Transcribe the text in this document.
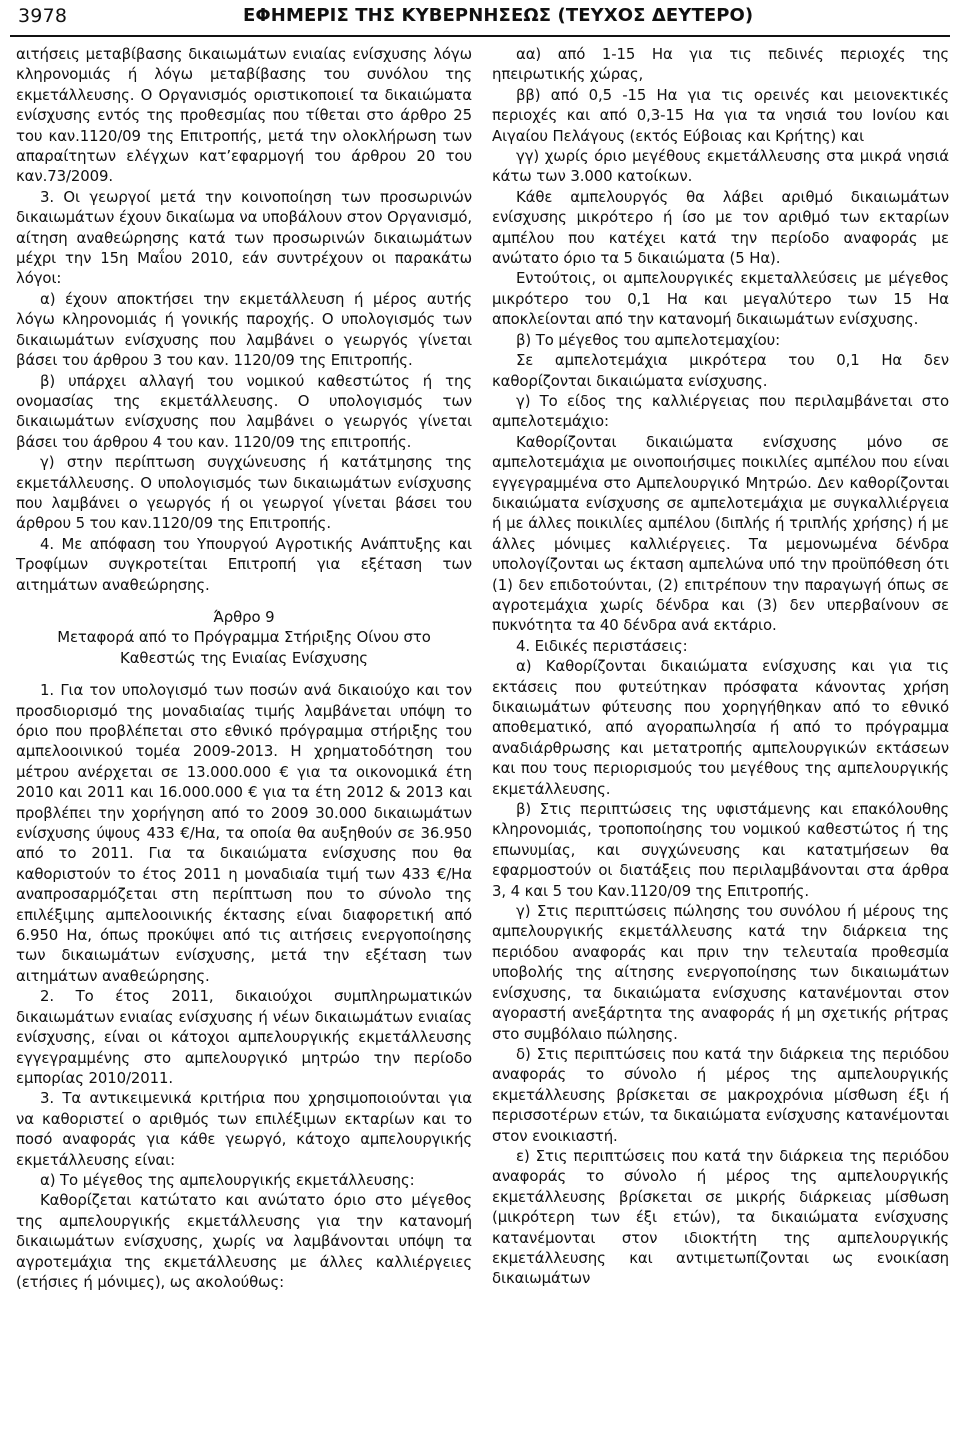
3978	ΕΦΗΜΕΡΙΣ ΤΗΣ ΚΥΒΕΡΝΗΣΕΩΣ (ΤΕΥΧΟΣ ΔΕΥΤΕΡΟ)

αιτήσεις μεταβίβασης δικαιωμάτων ενιαίας ενίσχυσης λόγω κληρονομιάς ή λόγω μεταβίβασης του συνόλου της εκμετάλλευσης. Ο Οργανισμός οριστικοποιεί τα δικαιώματα ενίσχυσης εντός της προθεσμίας που τίθεται στο άρθρο 25 του καν.1120/09 της Επιτροπής, μετά την ολοκλήρωση των απαραίτητων ελέγχων κατ’εφαρμογή του άρθρου 20 του καν.73/2009.

3. Οι γεωργοί μετά την κοινοποίηση των προσωρινών δικαιωμάτων έχουν δικαίωμα να υποβάλουν στον Οργανισμό, αίτηση αναθεώρησης κατά των προσωρινών δικαιωμάτων μέχρι την 15η Μαΐου 2010, εάν συντρέχουν οι παρακάτω λόγοι:

α) έχουν αποκτήσει την εκμετάλλευση ή μέρος αυτής λόγω κληρονομιάς ή γονικής παροχής. Ο υπολογισμός των δικαιωμάτων ενίσχυσης που λαμβάνει ο γεωργός γίνεται βάσει του άρθρου 3 του καν. 1120/09 της Επιτροπής.

β) υπάρχει αλλαγή του νομικού καθεστώτος ή της ονομασίας της εκμετάλλευσης. Ο υπολογισμός των δικαιωμάτων ενίσχυσης που λαμβάνει ο γεωργός γίνεται βάσει του άρθρου 4 του καν. 1120/09 της επιτροπής.

γ) στην περίπτωση συγχώνευσης ή κατάτμησης της εκμετάλλευσης. Ο υπολογισμός των δικαιωμάτων ενίσχυσης που λαμβάνει ο γεωργός ή οι γεωργοί γίνεται βάσει του άρθρου 5 του καν.1120/09 της Επιτροπής.

4. Με απόφαση του Υπουργού Αγροτικής Ανάπτυξης και Τροφίμων συγκροτείται Επιτροπή για εξέταση των αιτημάτων αναθεώρησης.

Άρθρο 9

Μεταφορά από το Πρόγραμμα Στήριξης Οίνου στο

Καθεστώς της Ενιαίας Ενίσχυσης

1. Για τον υπολογισμό των ποσών ανά δικαιούχο και τον προσδιορισμό της μοναδιαίας τιμής λαμβάνεται υπόψη το όριο που προβλέπεται στο εθνικό πρόγραμμα στήριξης του αμπελοοινικού τομέα 2009-2013. Η χρηματοδότηση του μέτρου ανέρχεται σε 13.000.000 € για τα οικονομικά έτη 2010 και 2011 και 16.000.000 € για τα έτη 2012 & 2013 και προβλέπει την χορήγηση από το 2009 30.000 δικαιωμάτων ενίσχυσης ύψους 433 €/Ηα, τα οποία θα αυξηθούν σε 36.950 από το 2011. Για τα δικαιώματα ενίσχυσης που θα καθοριστούν το έτος 2011 η μοναδιαία τιμή των 433 €/Ηα αναπροσαρμόζεται στη περίπτωση που το σύνολο της επιλέξιμης αμπελοοινικής έκτασης είναι διαφορετική από 6.950 Ηα, όπως προκύψει από τις αιτήσεις ενεργοποίησης των δικαιωμάτων ενίσχυσης, μετά την εξέταση των αιτημάτων αναθεώρησης.

2. Το έτος 2011, δικαιούχοι συμπληρωματικών δικαιωμάτων ενιαίας ενίσχυσης ή νέων δικαιωμάτων ενιαίας ενίσχυσης, είναι οι κάτοχοι αμπελουργικής εκμετάλλευσης εγγεγραμμένης στο αμπελουργικό μητρώο την περίοδο εμπορίας 2010/2011.

3. Τα αντικειμενικά κριτήρια που χρησιμοποιούνται για να καθοριστεί ο αριθμός των επιλέξιμων εκταρίων και το ποσό αναφοράς για κάθε γεωργό, κάτοχο αμπελουργικής εκμετάλλευσης είναι:

α) Το μέγεθος της αμπελουργικής εκμετάλλευσης:

Καθορίζεται κατώτατο και ανώτατο όριο στο μέγεθος της αμπελουργικής εκμετάλλευσης για την κατανομή δικαιωμάτων ενίσχυσης, χωρίς να λαμβάνονται υπόψη τα αγροτεμάχια της εκμετάλλευσης με άλλες καλλιέργειες (ετήσιες ή μόνιμες), ως ακολούθως:

αα) από 1-15 Ηα για τις πεδινές περιοχές της ηπειρωτικής χώρας,

ββ) από 0,5 -15 Ηα για τις ορεινές και μειονεκτικές περιοχές και από 0,3-15 Ηα για τα νησιά του Ιονίου και Αιγαίου Πελάγους (εκτός Εύβοιας και Κρήτης) και

γγ) χωρίς όριο μεγέθους εκμετάλλευσης στα μικρά νησιά κάτω των 3.000 κατοίκων.

Κάθε αμπελουργός θα λάβει αριθμό δικαιωμάτων ενίσχυσης μικρότερο ή ίσο με τον αριθμό των εκταρίων αμπέλου που κατέχει κατά την περίοδο αναφοράς με ανώτατο όριο τα 5 δικαιώματα (5 Ηα).

Εντούτοις, οι αμπελουργικές εκμεταλλεύσεις με μέγεθος μικρότερο του 0,1 Ηα και μεγαλύτερο των 15 Ηα αποκλείονται από την κατανομή δικαιωμάτων ενίσχυσης.

β) Το μέγεθος του αμπελοτεμαχίου:

Σε αμπελοτεμάχια μικρότερα του 0,1 Ηα δεν καθορίζονται δικαιώματα ενίσχυσης.

γ) Το είδος της καλλιέργειας που περιλαμβάνεται στο αμπελοτεμάχιο:

Καθορίζονται δικαιώματα ενίσχυσης μόνο σε αμπελοτεμάχια με οινοποιήσιμες ποικιλίες αμπέλου που είναι εγγεγραμμένα στο Αμπελουργικό Μητρώο. Δεν καθορίζονται δικαιώματα ενίσχυσης σε αμπελοτεμάχια με συγκαλλιέργεια ή με άλλες ποικιλίες αμπέλου (διπλής ή τριπλής χρήσης) ή με άλλες μόνιμες καλλιέργειες. Τα μεμονωμένα δένδρα υπολογίζονται ως έκταση αμπελώνα υπό την προϋπόθεση ότι (1) δεν επιδοτούνται, (2) επιτρέπουν την παραγωγή όπως σε αγροτεμάχια χωρίς δένδρα και (3) δεν υπερβαίνουν σε πυκνότητα τα 40 δένδρα ανά εκτάριο.

4. Ειδικές περιστάσεις:

α) Καθορίζονται δικαιώματα ενίσχυσης και για τις εκτάσεις που φυτεύτηκαν πρόσφατα κάνοντας χρήση δικαιωμάτων φύτευσης που χορηγήθηκαν από το εθνικό αποθεματικό, από αγοραπωλησία ή από το πρόγραμμα αναδιάρθρωσης και μετατροπής αμπελουργικών εκτάσεων και που τους περιορισμούς του μεγέθους της αμπελουργικής εκμετάλλευσης.

β) Στις περιπτώσεις της υφιστάμενης και επακόλουθης κληρονομιάς, τροποποίησης του νομικού καθεστώτος ή της επωνυμίας, και συγχώνευσης και κατατμήσεων θα εφαρμοστούν οι διατάξεις που περιλαμβάνονται στα άρθρα 3, 4 και 5 του Καν.1120/09 της Επιτροπής.

γ) Στις περιπτώσεις πώλησης του συνόλου ή μέρους της αμπελουργικής εκμετάλλευσης κατά την διάρκεια της περιόδου αναφοράς και πριν την τελευταία προθεσμία υποβολής της αίτησης ενεργοποίησης των δικαιωμάτων ενίσχυσης, τα δικαιώματα ενίσχυσης κατανέμονται στον αγοραστή ανεξάρτητα της αναφοράς ή μη σχετικής ρήτρας στο συμβόλαιο πώλησης.

δ) Στις περιπτώσεις που κατά την διάρκεια της περιόδου αναφοράς το σύνολο ή μέρος της αμπελουργικής εκμετάλλευσης βρίσκεται σε μακροχρόνια μίσθωση έξι ή περισσοτέρων ετών, τα δικαιώματα ενίσχυσης κατανέμονται στον ενοικιαστή.

ε) Στις περιπτώσεις που κατά την διάρκεια της περιόδου αναφοράς το σύνολο ή μέρος της αμπελουργικής εκμετάλλευσης βρίσκεται σε μικρής διάρκειας μίσθωση (μικρότερη των έξι ετών), τα δικαιώματα ενίσχυσης κατανέμονται στον ιδιοκτήτη της αμπελουργικής εκμετάλλευσης και αντιμετωπίζονται ως ενοικίαση δικαιωμάτων
